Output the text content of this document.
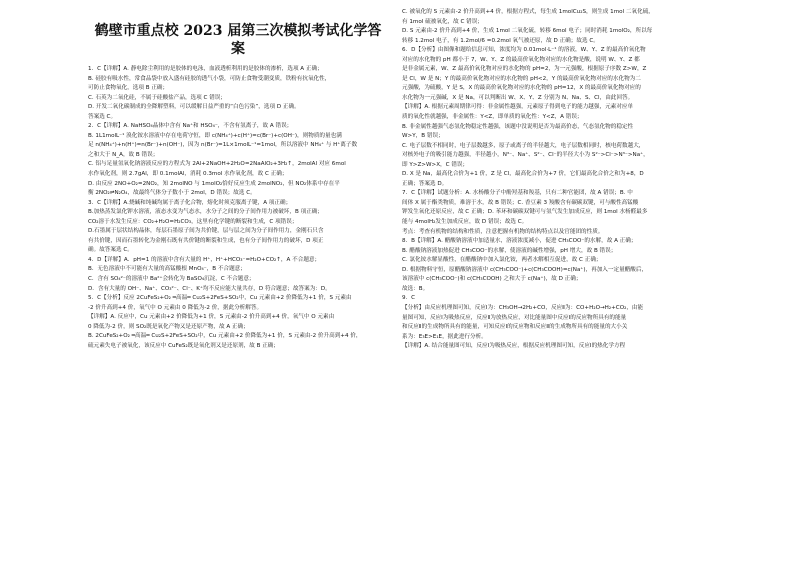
鹤壁市重点校 2023 届第三次模拟考试化学答案
1．C【详解】A. 静电除尘利用的是胶体的电泳，血液透析利用的是胶体的渗析，选项 A 正确；
B. 硅胶有吸水性，常食品袋中放入盛有硅胶的透气小袋，可防止食物受潮变质，铁粉有抗氧化性，
可防止食物氧化，选项 B 正确；
C. 石英为二氧化硅，不属于硅酸盐产品，选项 C 错误；
D. 开发二氧化碳制成的全降解塑料，可以缓解日益严重的“白色污染”，选项 D 正确。
答案选 C。
2．C【详解】A. NaHSO₄晶体中含有 Na⁺和 HSO₄⁻，不含有氢离子，故 A 错误；
B. 1L1molL⁻¹ 溴化铵水溶液中存在电荷守恒，即 c(NH₄⁺)+c(H⁺)=c(Br⁻)+c(OH⁻)，则物质的量也满
足 n(NH₄⁺)+n(H⁺)=n(Br⁻)+n(OH⁻)，因为 n(Br⁻)=1L×1molL⁻¹=1mol，所以溶液中 NH₄⁺ 与 H⁺离子数
之和大于 N_A，故 B 错误；
C. 铝与足量氢氧化钠溶液反应的方程式为 2Al+2NaOH+2H₂O=2NaAlO₂+3H₂↑，2molAl 对应 6mol
水作氧化剂，则 2.7gAl，即 0.1molAl，消耗 0.3mol 水作氧化剂，故 C 正确；
D. 由反应 2NO+O₂=2NO₂，知 2molNO 与 1molO₂恰好反应生成 2molNO₂，但 NO₂体系中存在平
衡 2NO₂⇌N₂O₄，故最终气体分子数小于 2mol，D 错误；故选 C。
3．C【详解】A.烧碱和纯碱均属于离子化合物，熔化时须克服离子键，A 项正确；
B.加热蒸发氯化钾水溶液，液态水变为气态水，水分子之间的分子间作用力被破坏，B 项正确；
CO₂溶于水发生反应：CO₂+H₂O=H₂CO₃，这里有化学键的断裂和生成，C 项错误；
D.石墨属于层状结构晶体，每层石墨原子间为共价键，层与层之间为分子间作用力，金刚石只含
有共价键，因而石墨转化为金刚石既有共价键的断裂和生成，也有分子间作用力的破坏，D 项正
确。故答案选 C。
4．D【详解】A．pH=1 的溶液中含有大量的 H⁺，H⁺+HCO₃⁻=H₂O+CO₂↑，A 不合题意；
B．无色溶液中不可能有大量的高锰酸根 MnO₄⁻，B 不合题意；
C．含有 SO₄²⁻的溶液中 Ba²⁺会转化为 BaSO₄沉淀，C 不合题意；
D．含有大量的 OH⁻、Na⁺、CO₃²⁻、Cl⁻、K⁺均不反应能大量共存，D 符合题意；故答案为：D。
5．C【分析】反应 2CuFeS₂+O₂ ═高温═ Cu₂S+2FeS+SO₂中，Cu 元素由+2 价降低为+1 价，S 元素由
-2 价升高到+4 价，氧气中 O 元素由 0 降低为-2 价，据此分析解答。
【详解】A. 反应中，Cu 元素由+2 价降低为+1 价，S 元素由-2 价升高到+4 价，氧气中 O 元素由
0 降低为-2 价，则 SO₂既是氧化产物又是还原产物，故 A 正确；
B. 2CuFeS₂+O₂ ═高温═ Cu₂S+2FeS+SO₂中，Cu 元素由+2 价降低为+1 价，S 元素由-2 价升高到+4 价，
硫元素失电子被氧化，该反应中 CuFeS₂既是氧化剂又是还原剂，故 B 正确；
C. 被氧化的 S 元素由-2 价升高到+4 价，根据方程式，每生成 1molCu₂S，则生成 1mol 二氧化硫，
有 1mol 硫被氧化，故 C 错误；
D. S 元素由-2 价升高到+4 价，生成 1mol 二氧化硫，转移 6mol 电子；同时消耗 1molO₂，所以每
转移 1.2mol 电子，有 1.2mol/6 =0.2mol 氧气被还原，故 D 正确；故选 C。
6．D【分析】由图像和题给信息可知，浓度均为 0.01mol·L⁻¹ 的溶液，W、Y、Z 的最高价氧化物
对应的水化物的 pH 都小于 7，W、Y、Z 的最高价氧化物对应的水化物是酸，说明 W、Y、Z 都
是非金属元素，W、Z 最高价氧化物对应的水化物的 pH=2，为一元强酸，根据原子序数 Z>W，Z
是 Cl，W 是 N；Y 的最高价氧化物对应的水化物的 pH<2，Y 的最高价氧化物对应的水化物为二
元强酸，为硫酸，Y 是 S，X 的最高价氧化物对应的水化物的 pH=12，X 的最高价氧化物对应的
水化物为一元强碱，X 是 Na，可以判断出 W、X、Y、Z 分别为 N、Na、S、Cl，由此回答。
【详解】A. 根据元素周期律可得：非金属性越强，元素原子得到电子的能力越强，元素对应单
质的氧化性就越强，非金属性：Y<Z，即单质的氧化性：Y<Z，A 错误；
B. 非金属性越强气态氢化物稳定性越强，该题中没说明是否为最高价态，气态氢化物的稳定性
W>Y，B 错误；
C. 电子层数不相同时，电子层数越多，原子或离子的半径越大，电子层数相同时，核电荷数越大，
对核外电子的吸引能力越强，半径越小，N³⁻、Na⁺、S²⁻、Cl⁻的半径大小为 S²⁻>Cl⁻>N³⁻>Na⁺，
即 Y>Z>W>X，C 错误；
D. X 是 Na，最高化合价为+1 价，Z 是 Cl，最高化合价为+7 价，它们最高化合价之和为+8，D
正确；答案选 D。
7．C【详解】试题分析：A. 水杨酸分子中酚羟基和羧基，只有二种官能团，故 A 错误；B. 中
间体 X 属于酯类物质，难溶于水，故 B 错误；C. 香豆素 3 羧酸含有碳碳双键，可与酸性高锰酸
钾发生氧化还原反应，故 C 正确；D. 苯环和碳碳双键可与氢气发生加成反应，则 1mol 水杨醛最多
能与 4molH₂发生加成反应，故 D 错误；故选 C。
考点：考查有机物的结构和性质，注意把握有机物的结构特点以及官能团的性质。
8．B【详解】A. 醋酸钠溶液中加适量水，溶液浓度减小，促进 CH₃COO⁻的水解，故 A 正确；
B. 醋酸钠溶液加热促进 CH₃COO⁻的水解，使溶液的碱性增强，pH 增大，故 B 错误；
C. 氯化铵水解显酸性，在醋酸钠中加入氯化铵，两者水解相互促进，故 C 正确；
D. 根据物料守恒，原醋酸钠溶液中 c(CH₃COO⁻)+c(CH₃COOH)=c(Na⁺)，再加入一定量醋酸后，
该溶液中 c(CH₃COO⁻)和 c(CH₃COOH) 之和大于 c(Na⁺)，故 D 正确；
故选：B。
9．C
【分析】由反应机理图可知，反应Ⅰ为：CH₃OH→2H₂+CO，反应Ⅱ为：CO+H₂O→H₂+CO₂，由能
量图可知，反应Ⅰ为吸热反应，反应Ⅱ为放热反应，对比能量图中反应Ⅰ的反应物所具有的能量
和反应Ⅱ的生成物所具有的能量，可知反应Ⅰ的反应物和反应Ⅱ的生成物所具有的能量的大小关
系为：E₃E>E₁E，据此进行分析。
【详解】A. 结合能量图可知，反应Ⅰ为吸热反应，根据反应机理图可知，反应Ⅰ的热化学方程
